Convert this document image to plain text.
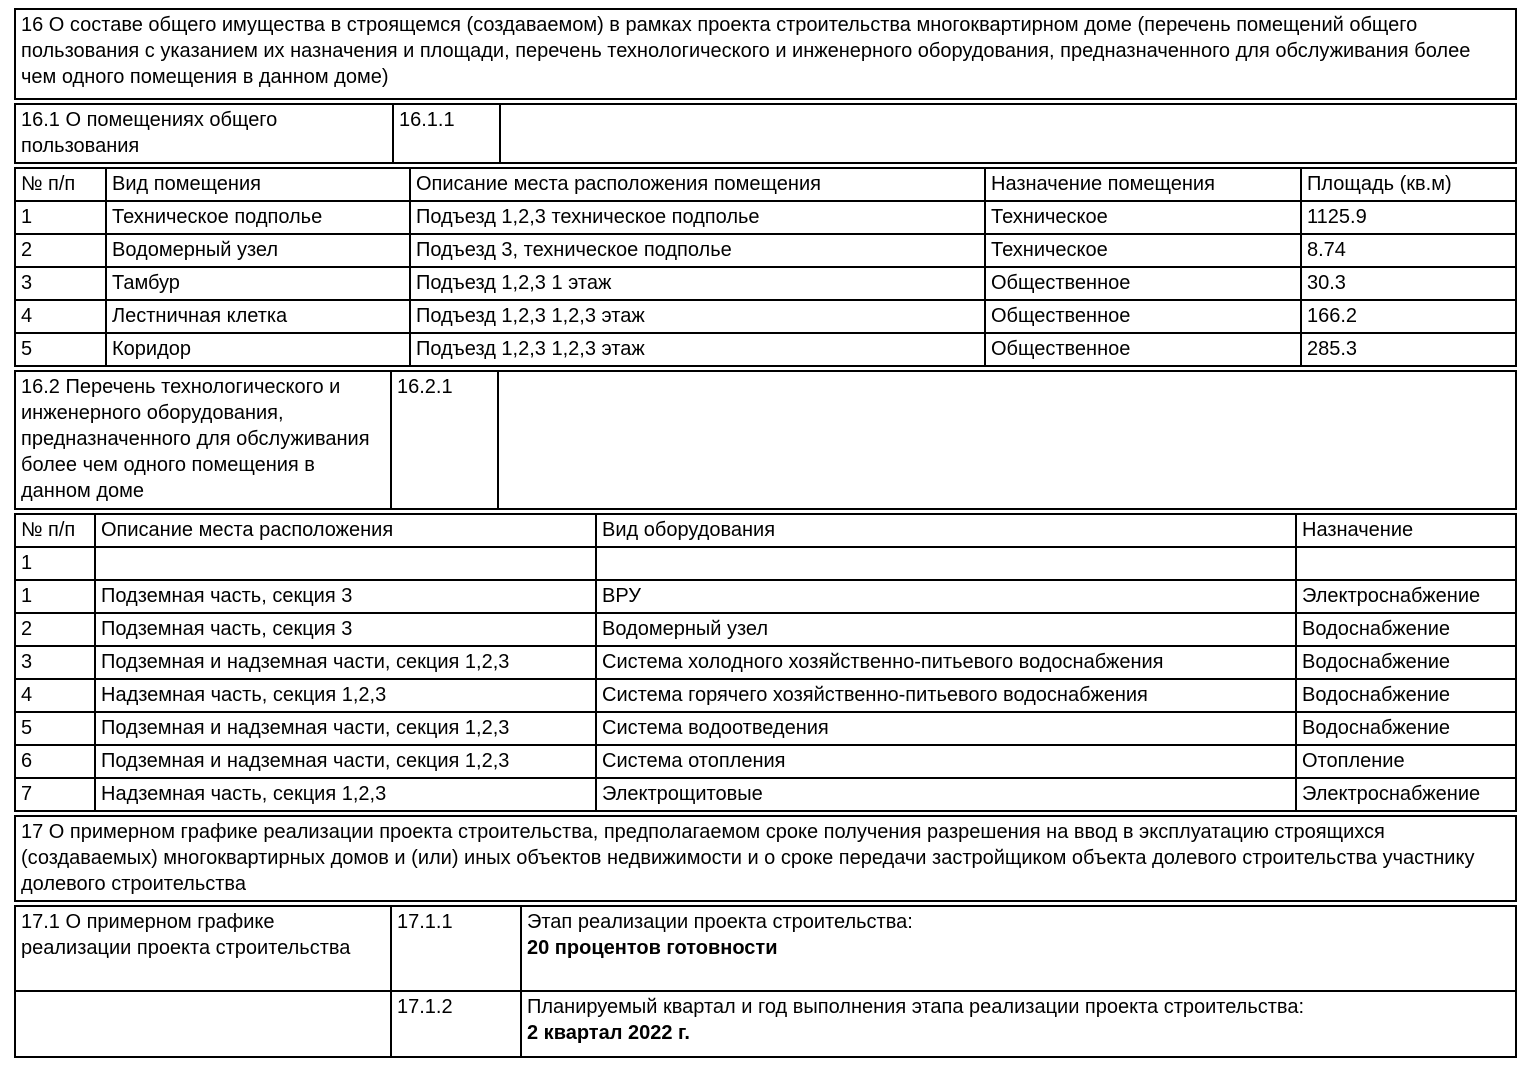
16 О составе общего имущества в строящемся (создаваемом) в рамках проекта строительства многоквартирном доме (перечень помещений общего пользования с указанием их назначения и площади, перечень технологического и инженерного оборудования, предназначенного для обслуживания более чем одного помещения в данном доме)
16.1 О помещениях общего пользования	16.1.1	
№ п/п	Вид помещения	Описание места расположения помещения	Назначение помещения	Площадь (кв.м)
1	Техническое подполье	Подъезд 1,2,3 техническое подполье	Техническое	1125.9
2	Водомерный узел	Подъезд 3, техническое подполье	Техническое	8.74
3	Тамбур	Подъезд 1,2,3 1 этаж	Общественное	30.3
4	Лестничная клетка	Подъезд 1,2,3 1,2,3 этаж	Общественное	166.2
5	Коридор	Подъезд 1,2,3 1,2,3 этаж	Общественное	285.3
16.2 Перечень технологического и инженерного оборудования, предназначенного для обслуживания более чем одного помещения в данном доме	16.2.1	
№ п/п	Описание места расположения	Вид оборудования	Назначение
1			
1	Подземная часть, секция 3	ВРУ	Электроснабжение
2	Подземная часть, секция 3	Водомерный узел	Водоснабжение
3	Подземная и надземная части, секция 1,2,3	Система холодного хозяйственно-питьевого водоснабжения	Водоснабжение
4	Надземная часть, секция 1,2,3	Система горячего хозяйственно-питьевого водоснабжения	Водоснабжение
5	Подземная и надземная части, секция 1,2,3	Система водоотведения	Водоснабжение
6	Подземная и надземная части, секция 1,2,3	Система отопления	Отопление
7	Надземная часть, секция 1,2,3	Электрощитовые	Электроснабжение
17 О примерном графике реализации проекта строительства, предполагаемом сроке получения разрешения на ввод в эксплуатацию строящихся (создаваемых) многоквартирных домов и (или) иных объектов недвижимости и о сроке передачи застройщиком объекта долевого строительства участнику долевого строительства
17.1 О примерном графике реализации проекта строительства	17.1.1	Этап реализации проекта строительства:
20 процентов готовности

	17.1.2	Планируемый квартал и год выполнения этапа реализации проекта строительства:
2 квартал 2022 г.
